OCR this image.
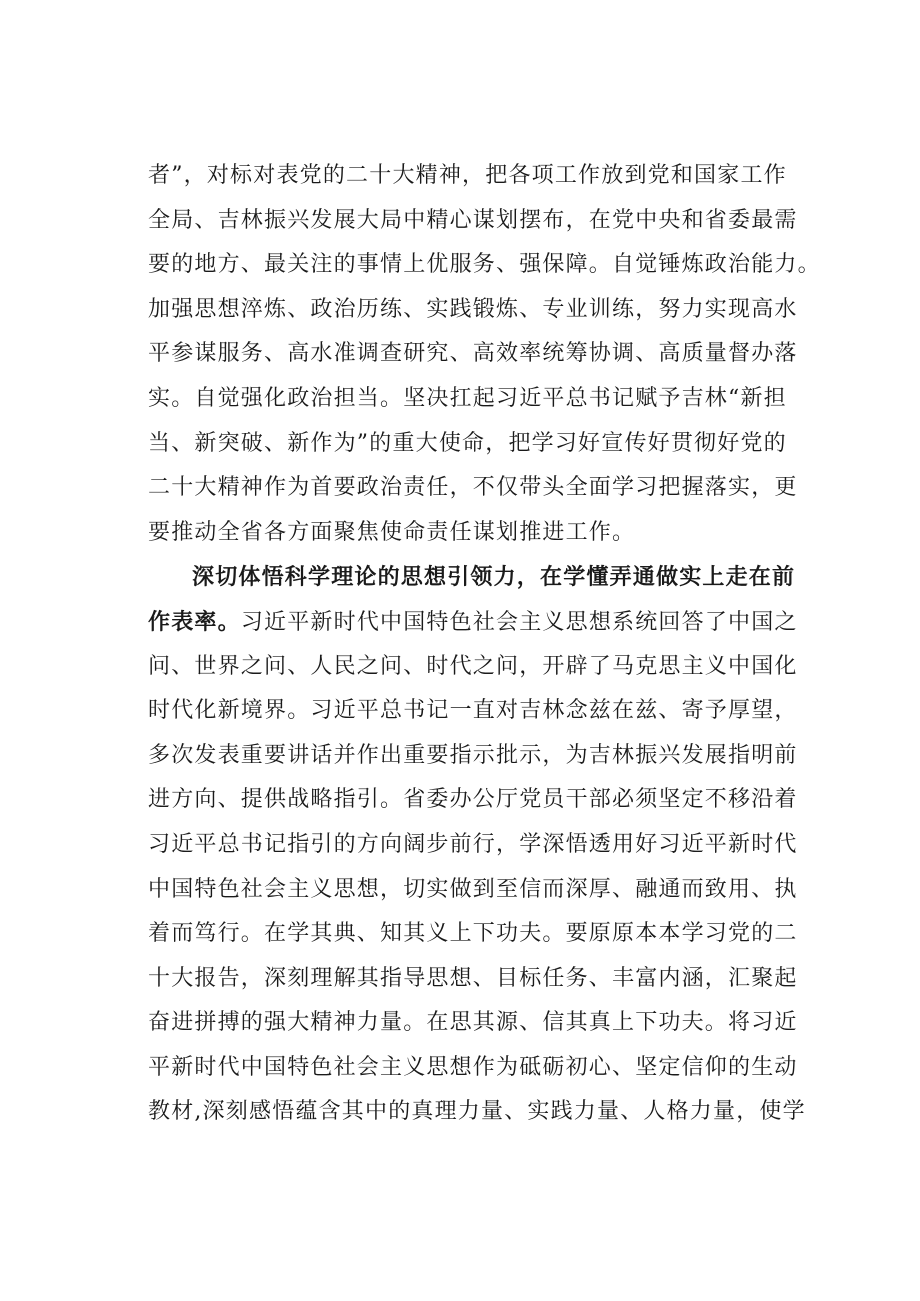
者”，对标对表党的二十大精神，把各项工作放到党和国家工作
全局、吉林振兴发展大局中精心谋划摆布，在党中央和省委最需
要的地方、最关注的事情上优服务、强保障。自觉锤炼政治能力。
加强思想淬炼、政治历练、实践锻炼、专业训练，努力实现高水
平参谋服务、高水准调查研究、高效率统筹协调、高质量督办落
实。自觉强化政治担当。坚决扛起习近平总书记赋予吉林“新担
当、新突破、新作为”的重大使命，把学习好宣传好贯彻好党的
二十大精神作为首要政治责任，不仅带头全面学习把握落实，更
要推动全省各方面聚焦使命责任谋划推进工作。
深切体悟科学理论的思想引领力，在学懂弄通做实上走在前
作表率。习近平新时代中国特色社会主义思想系统回答了中国之
问、世界之问、人民之问、时代之问，开辟了马克思主义中国化
时代化新境界。习近平总书记一直对吉林念兹在兹、寄予厚望，
多次发表重要讲话并作出重要指示批示，为吉林振兴发展指明前
进方向、提供战略指引。省委办公厅党员干部必须坚定不移沿着
习近平总书记指引的方向阔步前行，学深悟透用好习近平新时代
中国特色社会主义思想，切实做到至信而深厚、融通而致用、执
着而笃行。在学其典、知其义上下功夫。要原原本本学习党的二
十大报告，深刻理解其指导思想、目标任务、丰富内涵，汇聚起
奋进拼搏的强大精神力量。在思其源、信其真上下功夫。将习近
平新时代中国特色社会主义思想作为砥砺初心、坚定信仰的生动
教材,深刻感悟蕴含其中的真理力量、实践力量、人格力量，使学
